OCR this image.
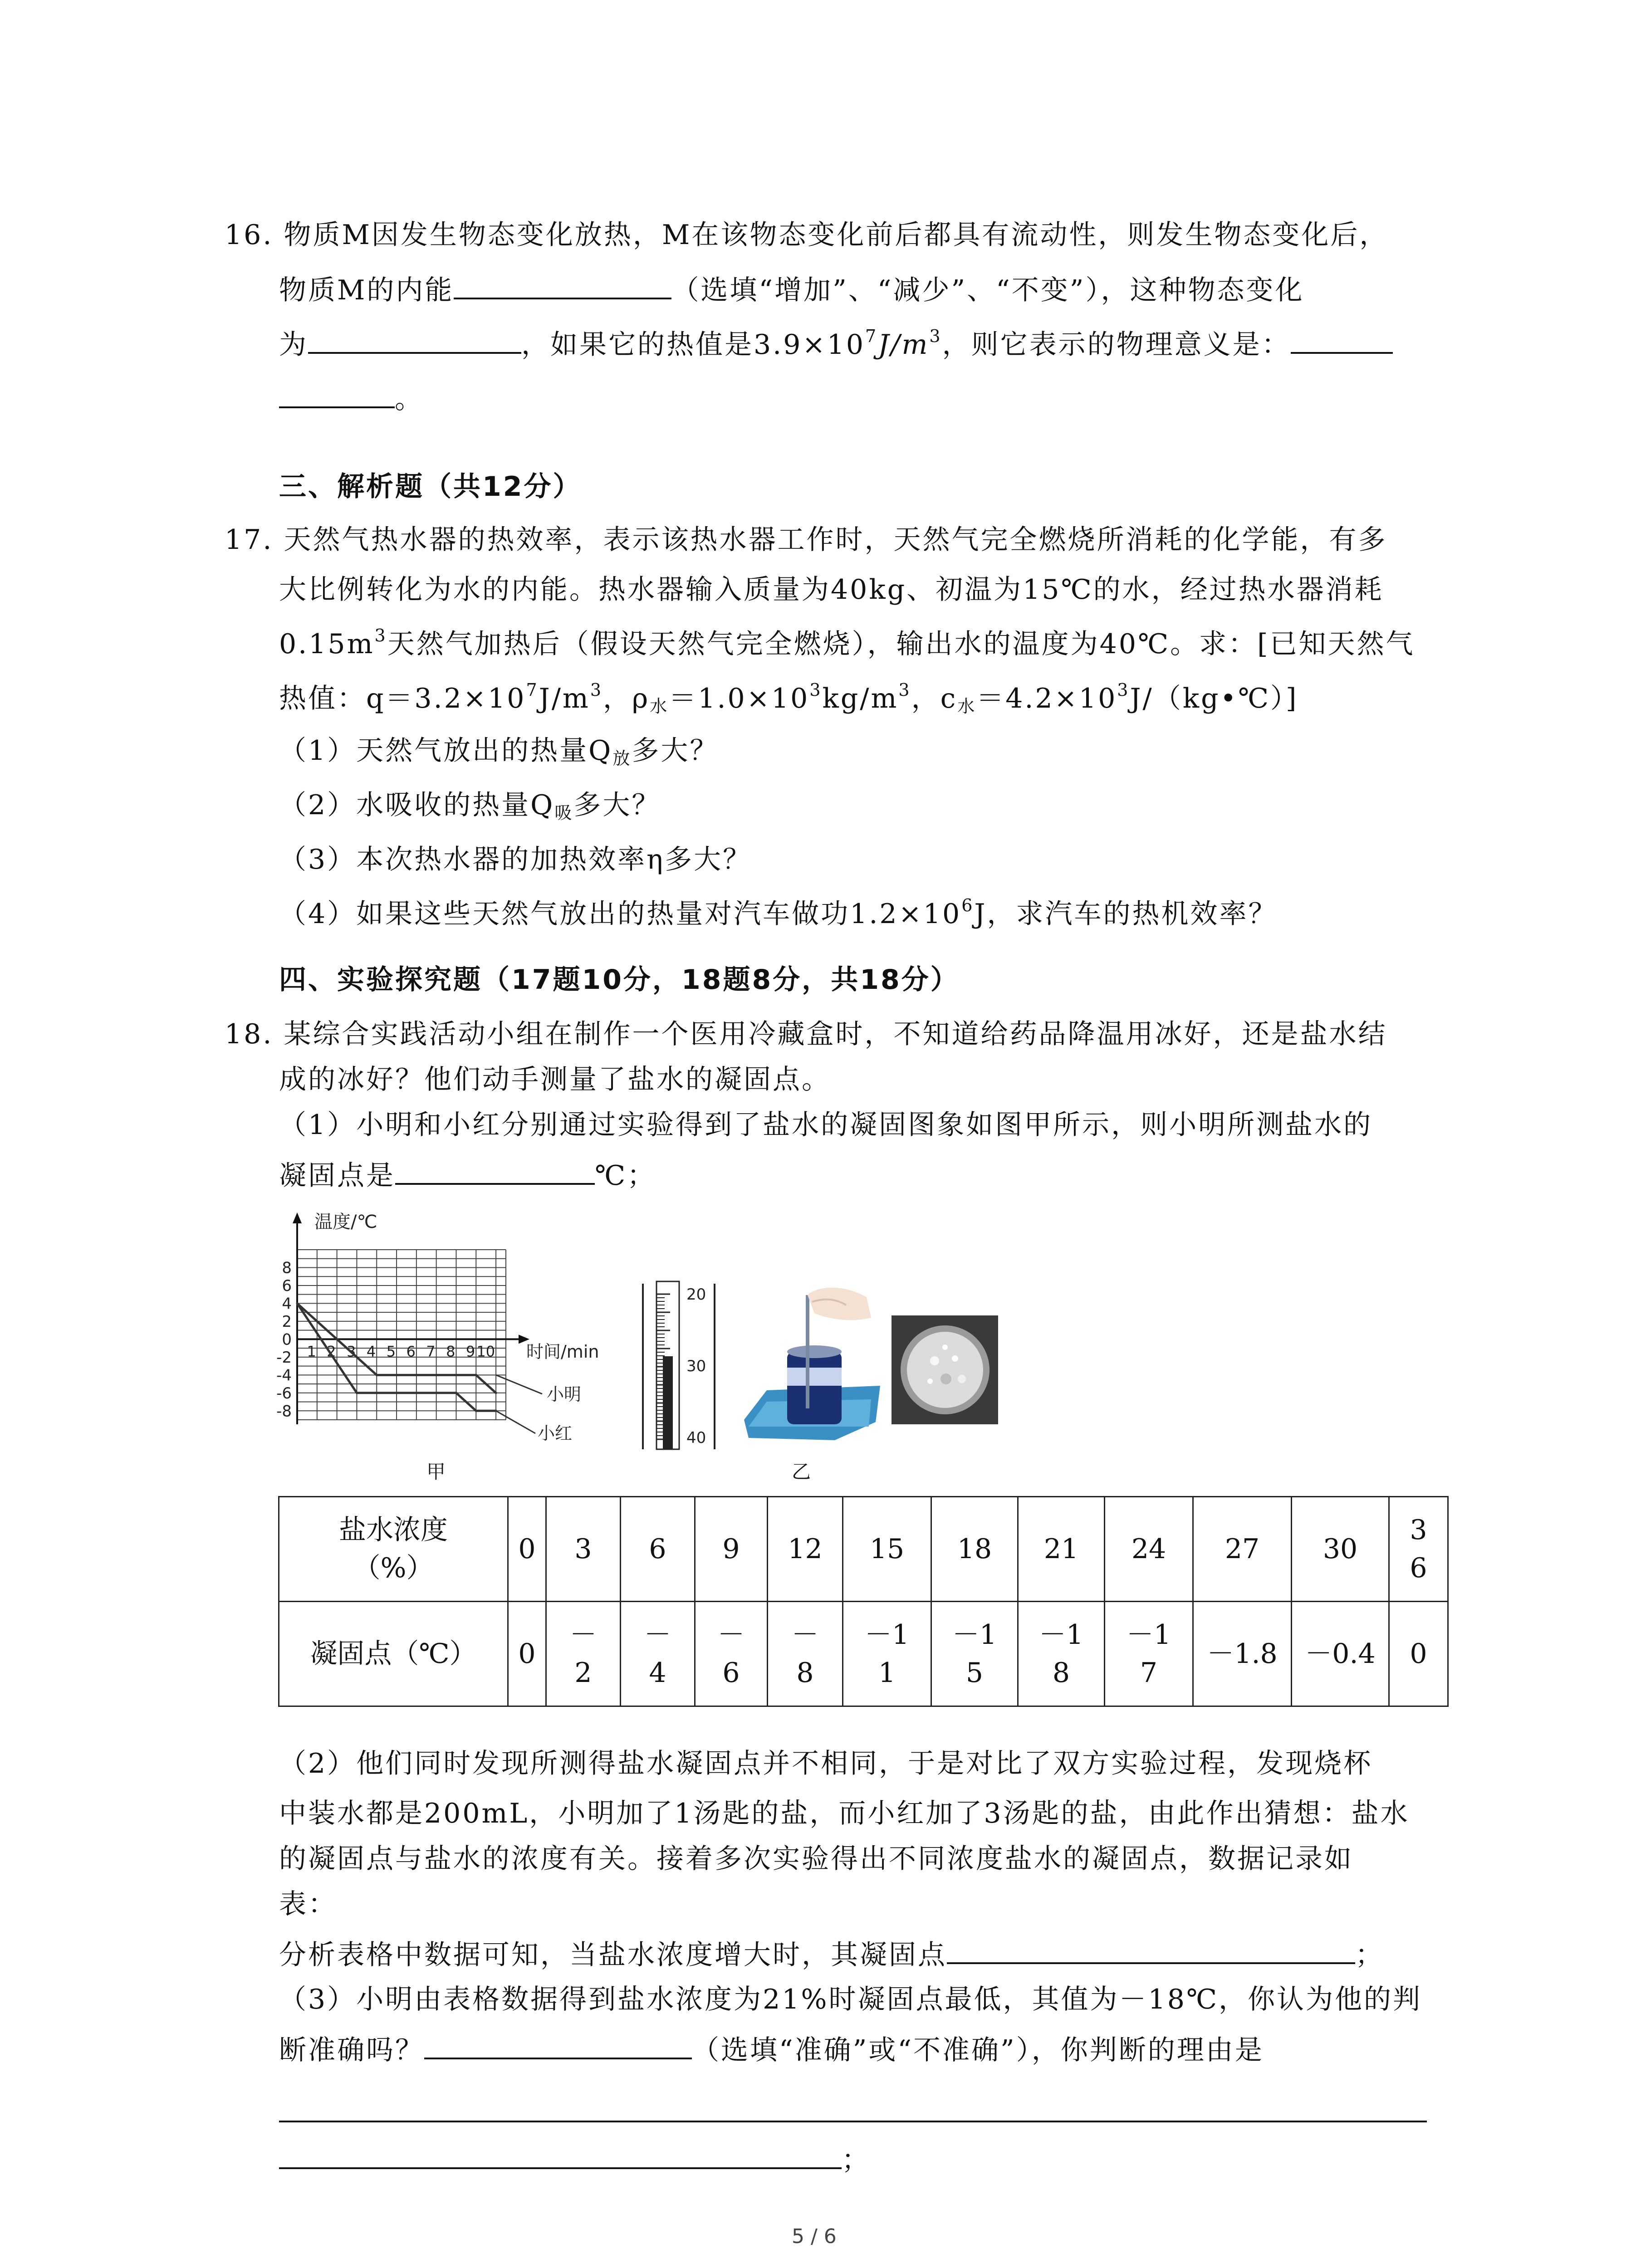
16. 物质M因发生物态变化放热，M在该物态变化前后都具有流动性，则发生物态变化后，
物质M的内能	（选填“增加”、“减少”、“不变”），这种物态变化
为	，如果它的热值是$3.9\times 10^7J/m^3$，则它表示的物理意义是：
。
三、解析题（共12分）
17. 天然气热水器的热效率，表示该热水器工作时，天然气完全燃烧所消耗的化学能，有多
大比例转化为水的内能。热水器输入质量为40kg、初温为15℃的水，经过热水器消耗
$0.15m^3$天然气加热后（假设天然气完全燃烧），输出水的温度为40℃。求：[已知天然气
热值：$q=3.2\times 10^7J/m^3$，$\rho_水=1.0\times 10^3kg/m^3$，$c_水=4.2\times 10^3J/(kg•℃)$]
（1）天然气放出的热量$Q_放$多大？
（2）水吸收的热量$Q_吸$多大？
（3）本次热水器的加热效率η多大？
（4）如果这些天然气放出的热量对汽车做功$1.2\times 10^6J$，求汽车的热机效率？
四、实验探究题（17题10分，18题8分，共18分）
18. 某综合实践活动小组在制作一个医用冷藏盒时，不知道给药品降温用冰好，还是盐水结
成的冰好？他们动手测量了盐水的凝固点。
（1）小明和小红分别通过实验得到了盐水的凝固图象如图甲所示，则小明所测盐水的
凝固点是	℃；
8
6
4
2
0
-2
-4
-6
-8
1 2 3 4 5 6 7 8 9 10
温度/℃
时间/min
小明
小红
20
30
40
甲	乙
盐水浓度（%）	0	3	6	9	12	15	18	21	24	27	30	36
凝固点（℃）	0	－2	－4	－6	－8	－11	－15	－18	－17	－1.8	－0.4	0
（2）他们同时发现所测得盐水凝固点并不相同，于是对比了双方实验过程，发现烧杯
中装水都是200mL，小明加了1汤匙的盐，而小红加了3汤匙的盐，由此作出猜想：盐水
的凝固点与盐水的浓度有关。接着多次实验得出不同浓度盐水的凝固点，数据记录如
表：
分析表格中数据可知，当盐水浓度增大时，其凝固点	；
（3）小明由表格数据得到盐水浓度为21%时凝固点最低，其值为－18℃，你认为他的判
断准确吗？	（选填“准确”或“不准确”），你判断的理由是
；
5 / 6
